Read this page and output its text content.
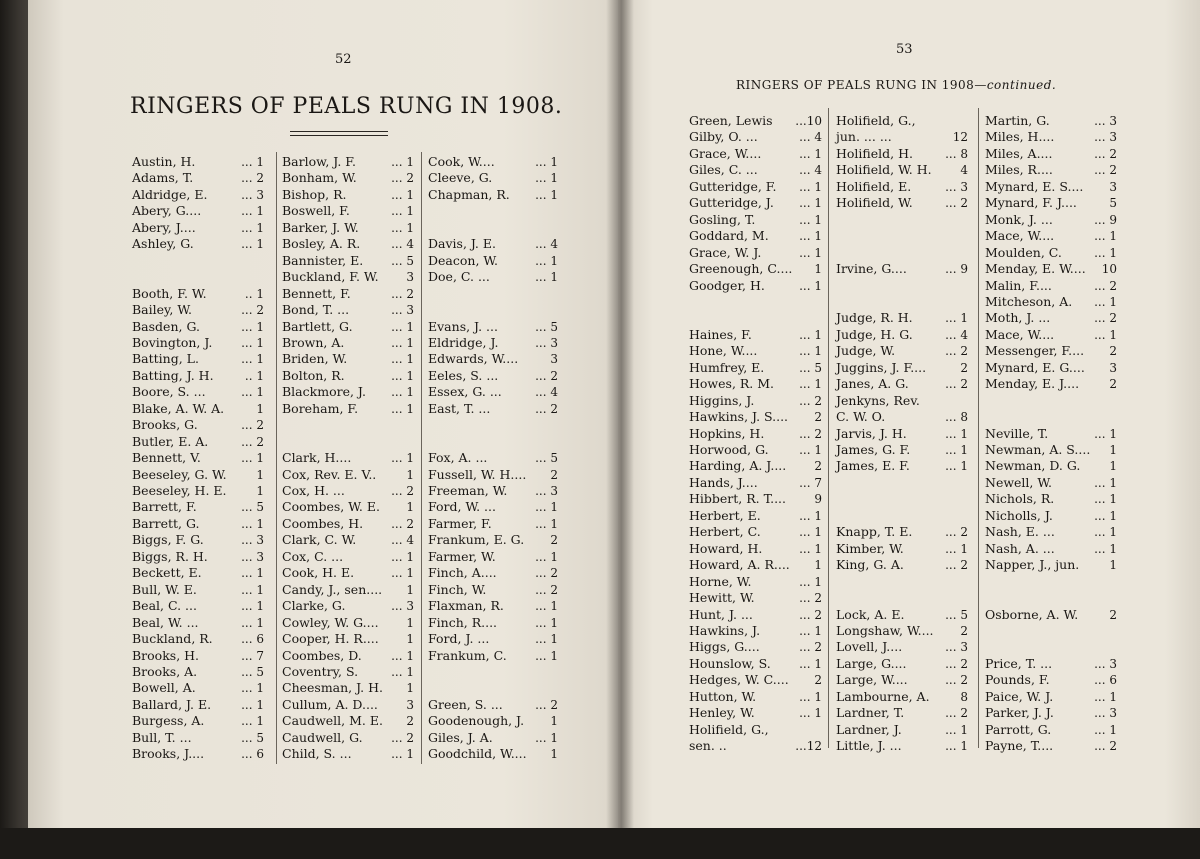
52
RINGERS OF PEALS RUNG IN 1908.
53
RINGERS OF PEALS RUNG IN 1908—continued.
Austin, H.	... 1
Adams, T.	... 2
Aldridge, E.	... 3
Abery, G....	... 1
Abery, J....	... 1
Ashley, G.	... 1
Booth, F. W.	.. 1
Bailey, W.	... 2
Basden, G.	... 1
Bovington, J. ... 1
Batting, L.	... 1
Batting, J. H.	.. 1
Boore, S. ...	... 1
Blake, A. W. A.	1
Brooks, G.	... 2
Butler, E. A.	... 2
Bennett, V.	... 1
Beeseley, G. W. 1
Beeseley, H. E. 1
Barrett, F.	... 5
Barrett, G.	... 1
Biggs, F. G.	... 3
Biggs, R. H.	... 3
Beckett, E.	... 1
Bull, W. E.	... 1
Beal, C. ...	... 1
Beal, W. ...	... 1
Buckland, R. ... 6
Brooks, H.	... 7
Brooks, A.	... 5
Bowell, A.	... 1
Ballard, J. E. ... 1
Burgess, A.	... 1
Bull, T. ...	... 5
Brooks, J....	... 6
Barlow, J. F.	... 1
Bonham, W.	... 2
Bishop, R.	... 1
Boswell, F.	... 1
Barker, J. W.	... 1
Bosley, A. R.	... 4
Bannister, E. ... 5
Buckland, F. W. 3
Bennett, F.	... 2
Bond, T. ...	... 3
Bartlett, G.	... 1
Brown, A.	... 1
Briden, W.	... 1
Bolton, R.	... 1
Blackmore, J. ... 1
Boreham, F.	... 1
Clark, H....	... 1
Cox, Rev. E. V..	1
Cox, H. ...	... 2
Coombes, W. E. 1
Coombes, H. ... 2
Clark, C. W.	... 4
Cox, C. ...	... 1
Cook, H. E.	... 1
Candy, J., sen.... 1
Clarke, G.	... 3
Cowley, W. G.... 1
Cooper, H. R.... 1
Coombes, D. ... 1
Coventry, S.	... 1
Cheesman, J. H. 1
Cullum, A. D.... 3
Caudwell, M. E. 2
Caudwell, G. ... 2
Child, S. ...	... 1
Cook, W....	... 1
Cleeve, G.	... 1
Chapman, R. ... 1
Davis, J. E.	... 4
Deacon, W.	... 1
Doe, C. ...	... 1
Evans, J. ...	... 5
Eldridge, J.	... 3
Edwards, W....	3
Eeles, S. ...	... 2
Essex, G. ...	... 4
East, T. ...	... 2
Fox, A. ...	... 5
Fussell, W. H.... 2
Freeman, W. ... 3
Ford, W. ...	... 1
Farmer, F.	... 1
Frankum, E. G. 2
Farmer, W.	... 1
Finch, A....	... 2
Finch, W.	... 2
Flaxman, R.	... 1
Finch, R....	... 1
Ford, J. ...	... 1
Frankum, C. ... 1
Green, S. ...	... 2
Goodenough, J. 1
Giles, J. A.	... 1
Goodchild, W.... 1
Green, Lewis ...10
Gilby, O. ...	... 4
Grace, W....	... 1
Giles, C. ...	... 4
Gutteridge, F. ... 1
Gutteridge, J. ... 1
Gosling, T.	... 1
Goddard, M.	... 1
Grace, W. J.	... 1
Greenough, C.... 1
Goodger, H.	... 1
Haines, F.	... 1
Hone, W....	... 1
Humfrey, E.	... 5
Howes, R. M. ... 1
Higgins, J.	... 2
Hawkins, J. S.... 2
Hopkins, H.	... 2
Horwood, G.	... 1
Harding, A. J.... 2
Hands, J....	... 7
Hibbert, R. T.... 9
Herbert, E.	... 1
Herbert, C.	... 1
Howard, H.	... 1
Howard, A. R.... 1
Horne, W.	... 1
Hewitt, W.	... 2
Hunt, J. ...	... 2
Hawkins, J.	... 1
Higgs, G....	... 2
Hounslow, S. ... 1
Hedges, W. C.... 2
Hutton, W.	... 1
Henley, W.	... 1
Holifield, G.,
sen. ..	...12
Holifield, G.,
jun. ... ...	12
Holifield, H.	... 8
Holifield, W. H. 4
Holifield, E.	... 3
Holifield, W.	... 2
Irvine, G....	... 9
Judge, R. H.	... 1
Judge, H. G.	... 4
Judge, W.	... 2
Juggins, J. F....	2
Janes, A. G.	... 2
Jenkyns, Rev.
C. W. O.	... 8
Jarvis, J. H.	... 1
James, G. F.	... 1
James, E. F.	... 1
Knapp, T. E.	... 2
Kimber, W.	... 1
King, G. A.	... 2
Lock, A. E.	... 5
Longshaw, W.... 2
Lovell, J....	... 3
Large, G....	... 2
Large, W....	... 2
Lambourne, A.	8
Lardner, T.	... 2
Lardner, J.	... 1
Little, J. ...	... 1
Martin, G.	... 3
Miles, H....	... 3
Miles, A....	... 2
Miles, R....	... 2
Mynard, E. S.... 3
Mynard, F. J....	5
Monk, J. ...	... 9
Mace, W....	... 1
Moulden, C.	... 1
Menday, E. W.... 10
Malin, F....	... 2
Mitcheson, A. ... 1
Moth, J. ...	... 2
Mace, W....	... 1
Messenger, F.... 2
Mynard, E. G.... 3
Menday, E. J....	2
Neville, T.	... 1
Newman, A. S.... 1
Newman, D. G. 1
Newell, W.	... 1
Nichols, R.	... 1
Nicholls, J.	... 1
Nash, E. ...	... 1
Nash, A. ...	... 1
Napper, J., jun.	1
Osborne, A. W.	2
Price, T. ...	... 3
Pounds, F.	... 6
Paice, W. J.	... 1
Parker, J. J.	... 3
Parrott, G.	... 1
Payne, T....	... 2
